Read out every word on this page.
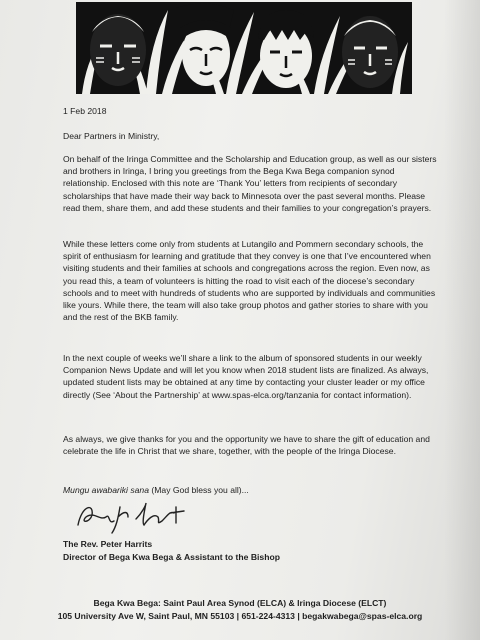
1 Feb 2018
Dear Partners in Ministry,
On behalf of the Iringa Committee and the Scholarship and Education group, as well as our sisters and brothers in Iringa, I bring you greetings from the Bega Kwa Bega companion synod relationship. Enclosed with this note are ‘Thank You’ letters from recipients of secondary scholarships that have made their way back to Minnesota over the past several months. Please read them, share them, and add these students and their families to your congregation’s prayers.
While these letters come only from students at Lutangilo and Pommern secondary schools, the spirit of enthusiasm for learning and gratitude that they convey is one that I’ve encountered when visiting students and their families at schools and congregations across the region. Even now, as you read this, a team of volunteers is hitting the road to visit each of the diocese’s secondary schools and to meet with hundreds of students who are supported by individuals and communities like yours. While there, the team will also take group photos and gather stories to share with you and the rest of the BKB family.
In the next couple of weeks we’ll share a link to the album of sponsored students in our weekly Companion News Update and will let you know when 2018 student lists are finalized. As always, updated student lists may be obtained at any time by contacting your cluster leader or my office directly (See ‘About the Partnership’ at www.spas-elca.org/tanzania for contact information).
As always, we give thanks for you and the opportunity we have to share the gift of education and celebrate the life in Christ that we share, together, with the people of the Iringa Diocese.
Mungu awabariki sana (May God bless you all)...
The Rev. Peter Harrits
Director of Bega Kwa Bega & Assistant to the Bishop
Bega Kwa Bega: Saint Paul Area Synod (ELCA) & Iringa Diocese (ELCT)
105 University Ave W, Saint Paul, MN 55103 | 651-224-4313 | begakwabega@spas-elca.org
